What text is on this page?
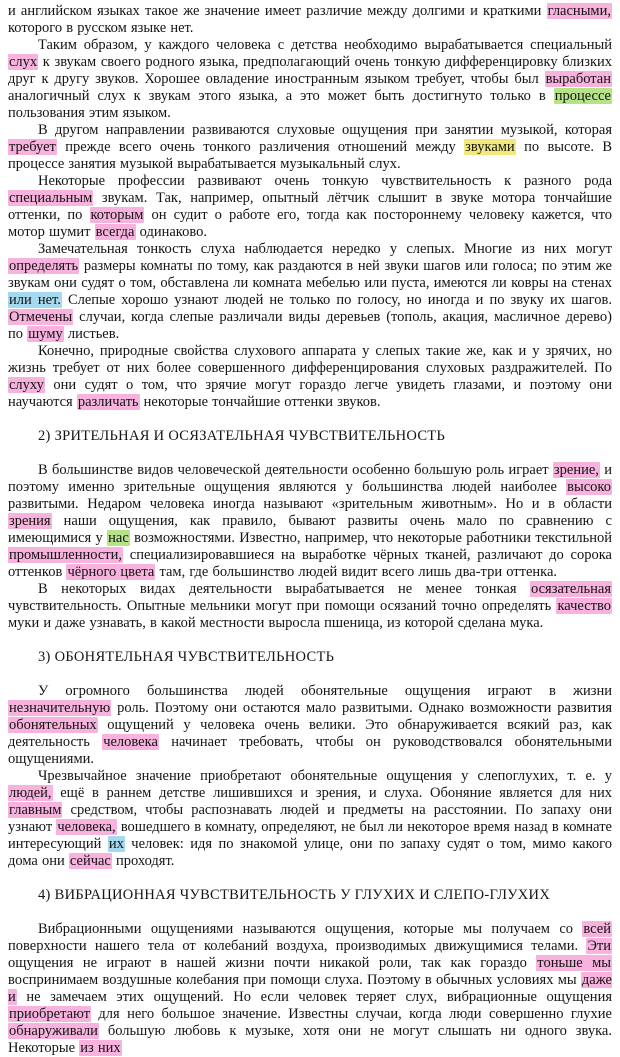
и английском языках такое же значение имеет различие между долгими и краткими гласными, которого в русском языке нет.
Таким образом, у каждого человека с детства необходимо вырабатывается специальный слух к звукам своего родного языка, предполагающий очень тонкую дифференцировку близких друг к другу звуков. Хорошее овладение иностранным языком требует, чтобы был выработан аналогичный слух к звукам этого языка, а это может быть достигнуто только в процессе пользования этим языком.
В другом направлении развиваются слуховые ощущения при занятии музыкой, которая требует прежде всего очень тонкого различения отношений между звуками по высоте. В процессе занятия музыкой вырабатывается музыкальный слух.
Некоторые профессии развивают очень тонкую чувствительность к разного рода специальным звукам. Так, например, опытный лётчик слышит в звуке мотора тончайшие оттенки, по которым он судит о работе его, тогда как постороннему человеку кажется, что мотор шумит всегда одинаково.
Замечательная тонкость слуха наблюдается нередко у слепых. Многие из них могут определять размеры комнаты по тому, как раздаются в ней звуки шагов или голоса; по этим же звукам они судят о том, обставлена ли комната мебелью или пуста, имеются ли ковры на стенах или нет. Слепые хорошо узнают людей не только по голосу, но иногда и по звуку их шагов. Отмечены случаи, когда слепые различали виды деревьев (тополь, акация, масличное дерево) по шуму листьев.
Конечно, природные свойства слухового аппарата у слепых такие же, как и у зрячих, но жизнь требует от них более совершенного дифференцирования слуховых раздражителей. По слуху они судят о том, что зрячие могут гораздо легче увидеть глазами, и поэтому они научаются различать некоторые тончайшие оттенки звуков.
2) ЗРИТЕЛЬНАЯ И ОСЯЗАТЕЛЬНАЯ ЧУВСТВИТЕЛЬНОСТЬ
В большинстве видов человеческой деятельности особенно большую роль играет зрение, и поэтому именно зрительные ощущения являются у большинства людей наиболее высоко развитыми. Недаром человека иногда называют «зрительным животным». Но и в области зрения наши ощущения, как правило, бывают развиты очень мало по сравнению с имеющимися у нас возможностями. Известно, например, что некоторые работники текстильной промышленности, специализировавшиеся на выработке чёрных тканей, различают до сорока оттенков чёрного цвета там, где большинство людей видит всего лишь два-три оттенка.
В некоторых видах деятельности вырабатывается не менее тонкая осязательная чувствительность. Опытные мельники могут при помощи осязаний точно определять качество муки и даже узнавать, в какой местности выросла пшеница, из которой сделана мука.
3) ОБОНЯТЕЛЬНАЯ ЧУВСТВИТЕЛЬНОСТЬ
У огромного большинства людей обонятельные ощущения играют в жизни незначительную роль. Поэтому они остаются мало развитыми. Однако возможности развития обонятельных ощущений у человека очень велики. Это обнаруживается всякий раз, как деятельность человека начинает требовать, чтобы он руководствовался обонятельными ощущениями.
Чрезвычайное значение приобретают обонятельные ощущения у слепоглухих, т. е. у людей, ещё в раннем детстве лишившихся и зрения, и слуха. Обоняние является для них главным средством, чтобы распознавать людей и предметы на расстоянии. По запаху они узнают человека, вошедшего в комнату, определяют, не был ли некоторое время назад в комнате интересующий их человек: идя по знакомой улице, они по запаху судят о том, мимо какого дома они сейчас проходят.
4) ВИБРАЦИОННАЯ ЧУВСТВИТЕЛЬНОСТЬ У ГЛУХИХ И СЛЕПО-ГЛУХИХ
Вибрационными ощущениями называются ощущения, которые мы получаем со всей поверхности нашего тела от колебаний воздуха, производимых движущимися телами. Эти ощущения не играют в нашей жизни почти никакой роли, так как гораздо тоньше мы воспринимаем воздушные колебания при помощи слуха. Поэтому в обычных условиях мы даже и не замечаем этих ощущений. Но если человек теряет слух, вибрационные ощущения приобретают для него большое значение. Известны случаи, когда люди совершенно глухие обнаруживали большую любовь к музыке, хотя они не могут слышать ни одного звука. Некоторые из них
